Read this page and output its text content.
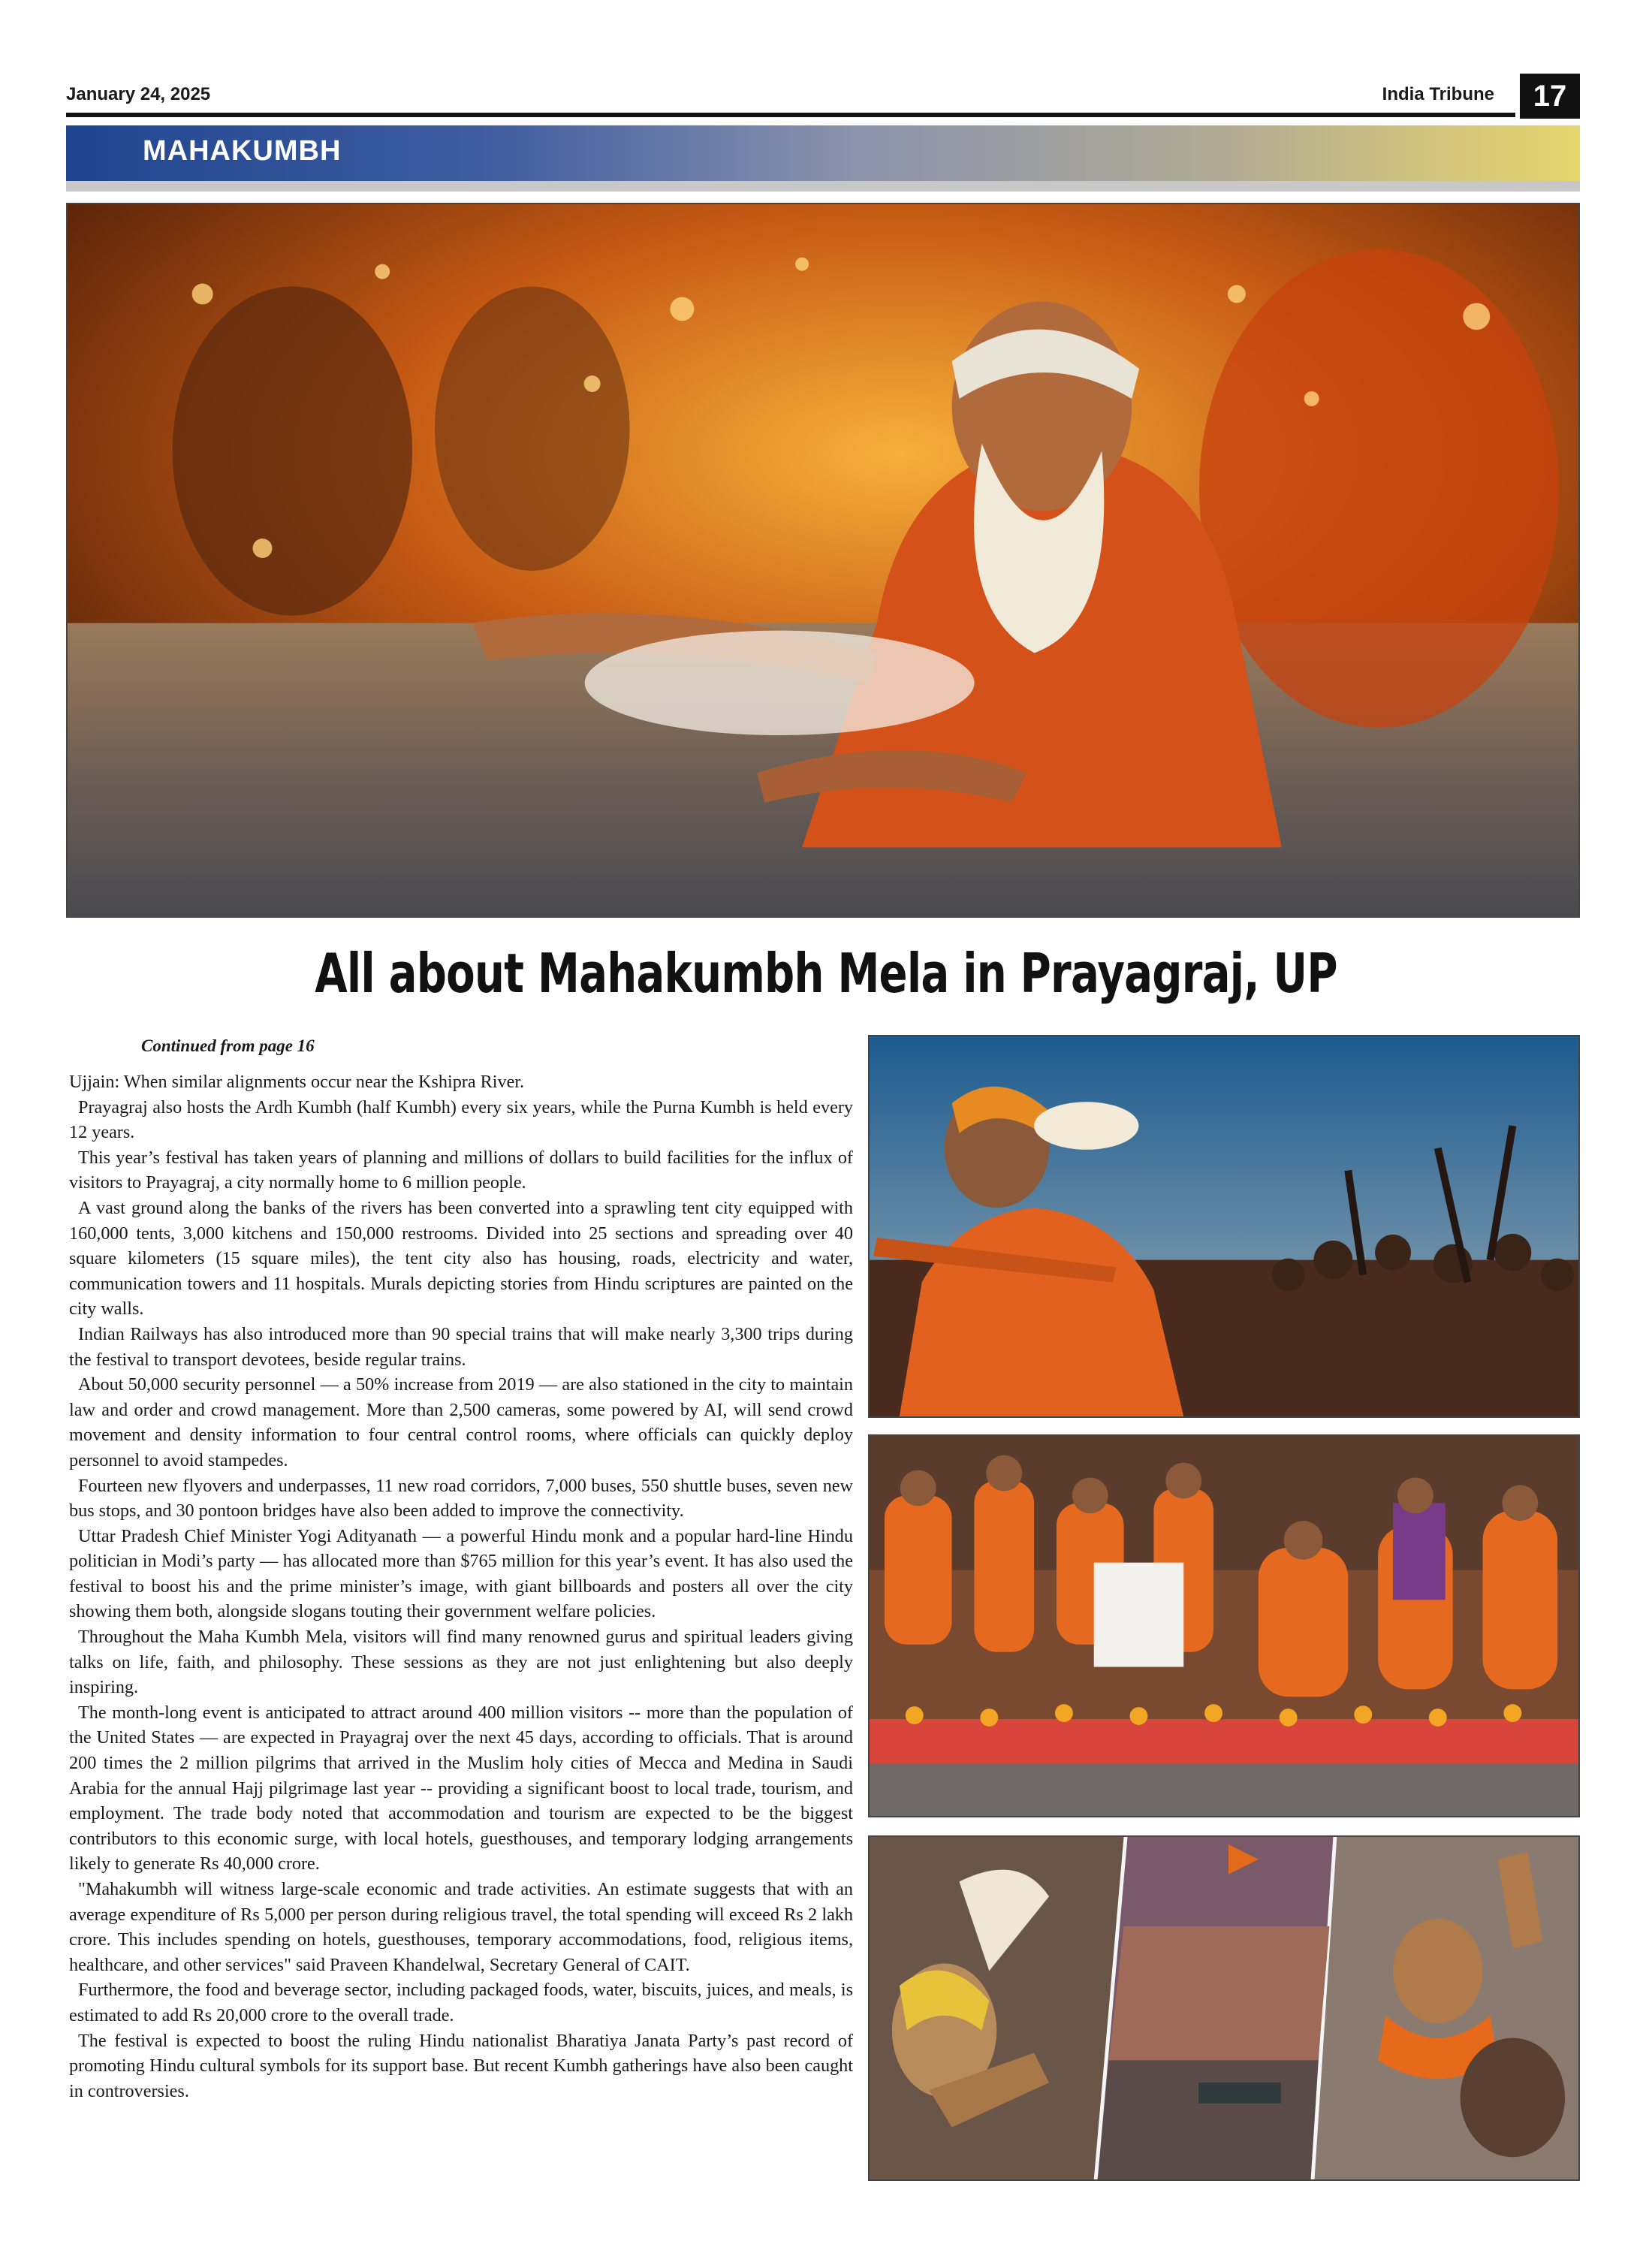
January 24, 2025	India Tribune	17
MAHAKUMBH
All about Mahakumbh Mela in Prayagraj, UP
Continued from page 16

Ujjain: When similar alignments occur near the Kshipra River.

Prayagraj also hosts the Ardh Kumbh (half Kumbh) every six years, while the Purna Kumbh is held every 12 years.

This year’s festival has taken years of planning and millions of dollars to build facilities for the influx of visitors to Prayagraj, a city normally home to 6 million people.

A vast ground along the banks of the rivers has been converted into a sprawling tent city equipped with 160,000 tents, 3,000 kitchens and 150,000 restrooms. Divided into 25 sections and spreading over 40 square kilometers (15 square miles), the tent city also has housing, roads, electricity and water, communication towers and 11 hospitals. Murals depicting stories from Hindu scriptures are painted on the city walls.

Indian Railways has also introduced more than 90 special trains that will make nearly 3,300 trips during the festival to transport devotees, beside regular trains.

About 50,000 security personnel — a 50% increase from 2019 — are also stationed in the city to maintain law and order and crowd management. More than 2,500 cameras, some powered by AI, will send crowd movement and density information to four central control rooms, where officials can quickly deploy personnel to avoid stampedes.

Fourteen new flyovers and underpasses, 11 new road corridors, 7,000 buses, 550 shuttle buses, seven new bus stops, and 30 pontoon bridges have also been added to improve the connectivity.

Uttar Pradesh Chief Minister Yogi Adityanath — a powerful Hindu monk and a popular hard-line Hindu politician in Modi’s party — has allocated more than $765 million for this year’s event. It has also used the festival to boost his and the prime minister’s image, with giant billboards and posters all over the city showing them both, alongside slogans touting their government welfare policies.

Throughout the Maha Kumbh Mela, visitors will find many renowned gurus and spiritual leaders giving talks on life, faith, and philosophy. These sessions as they are not just enlightening but also deeply inspiring.

The month-long event is anticipated to attract around 400 million visitors -- more than the population of the United States — are expected in Prayagraj over the next 45 days, according to officials. That is around 200 times the 2 million pilgrims that arrived in the Muslim holy cities of Mecca and Medina in Saudi Arabia for the annual Hajj pilgrimage last year -- providing a significant boost to local trade, tourism, and employment. The trade body noted that accommodation and tourism are expected to be the biggest contributors to this economic surge, with local hotels, guesthouses, and temporary lodging arrangements likely to generate Rs 40,000 crore.

"Mahakumbh will witness large-scale economic and trade activities. An estimate suggests that with an average expenditure of Rs 5,000 per person during religious travel, the total spending will exceed Rs 2 lakh crore. This includes spending on hotels, guesthouses, temporary accommodations, food, religious items, healthcare, and other services" said Praveen Khandelwal, Secretary General of CAIT.

Furthermore, the food and beverage sector, including packaged foods, water, biscuits, juices, and meals, is estimated to add Rs 20,000 crore to the overall trade.

The festival is expected to boost the ruling Hindu nationalist Bharatiya Janata Party’s past record of promoting Hindu cultural symbols for its support base. But recent Kumbh gatherings have also been caught in controversies.
